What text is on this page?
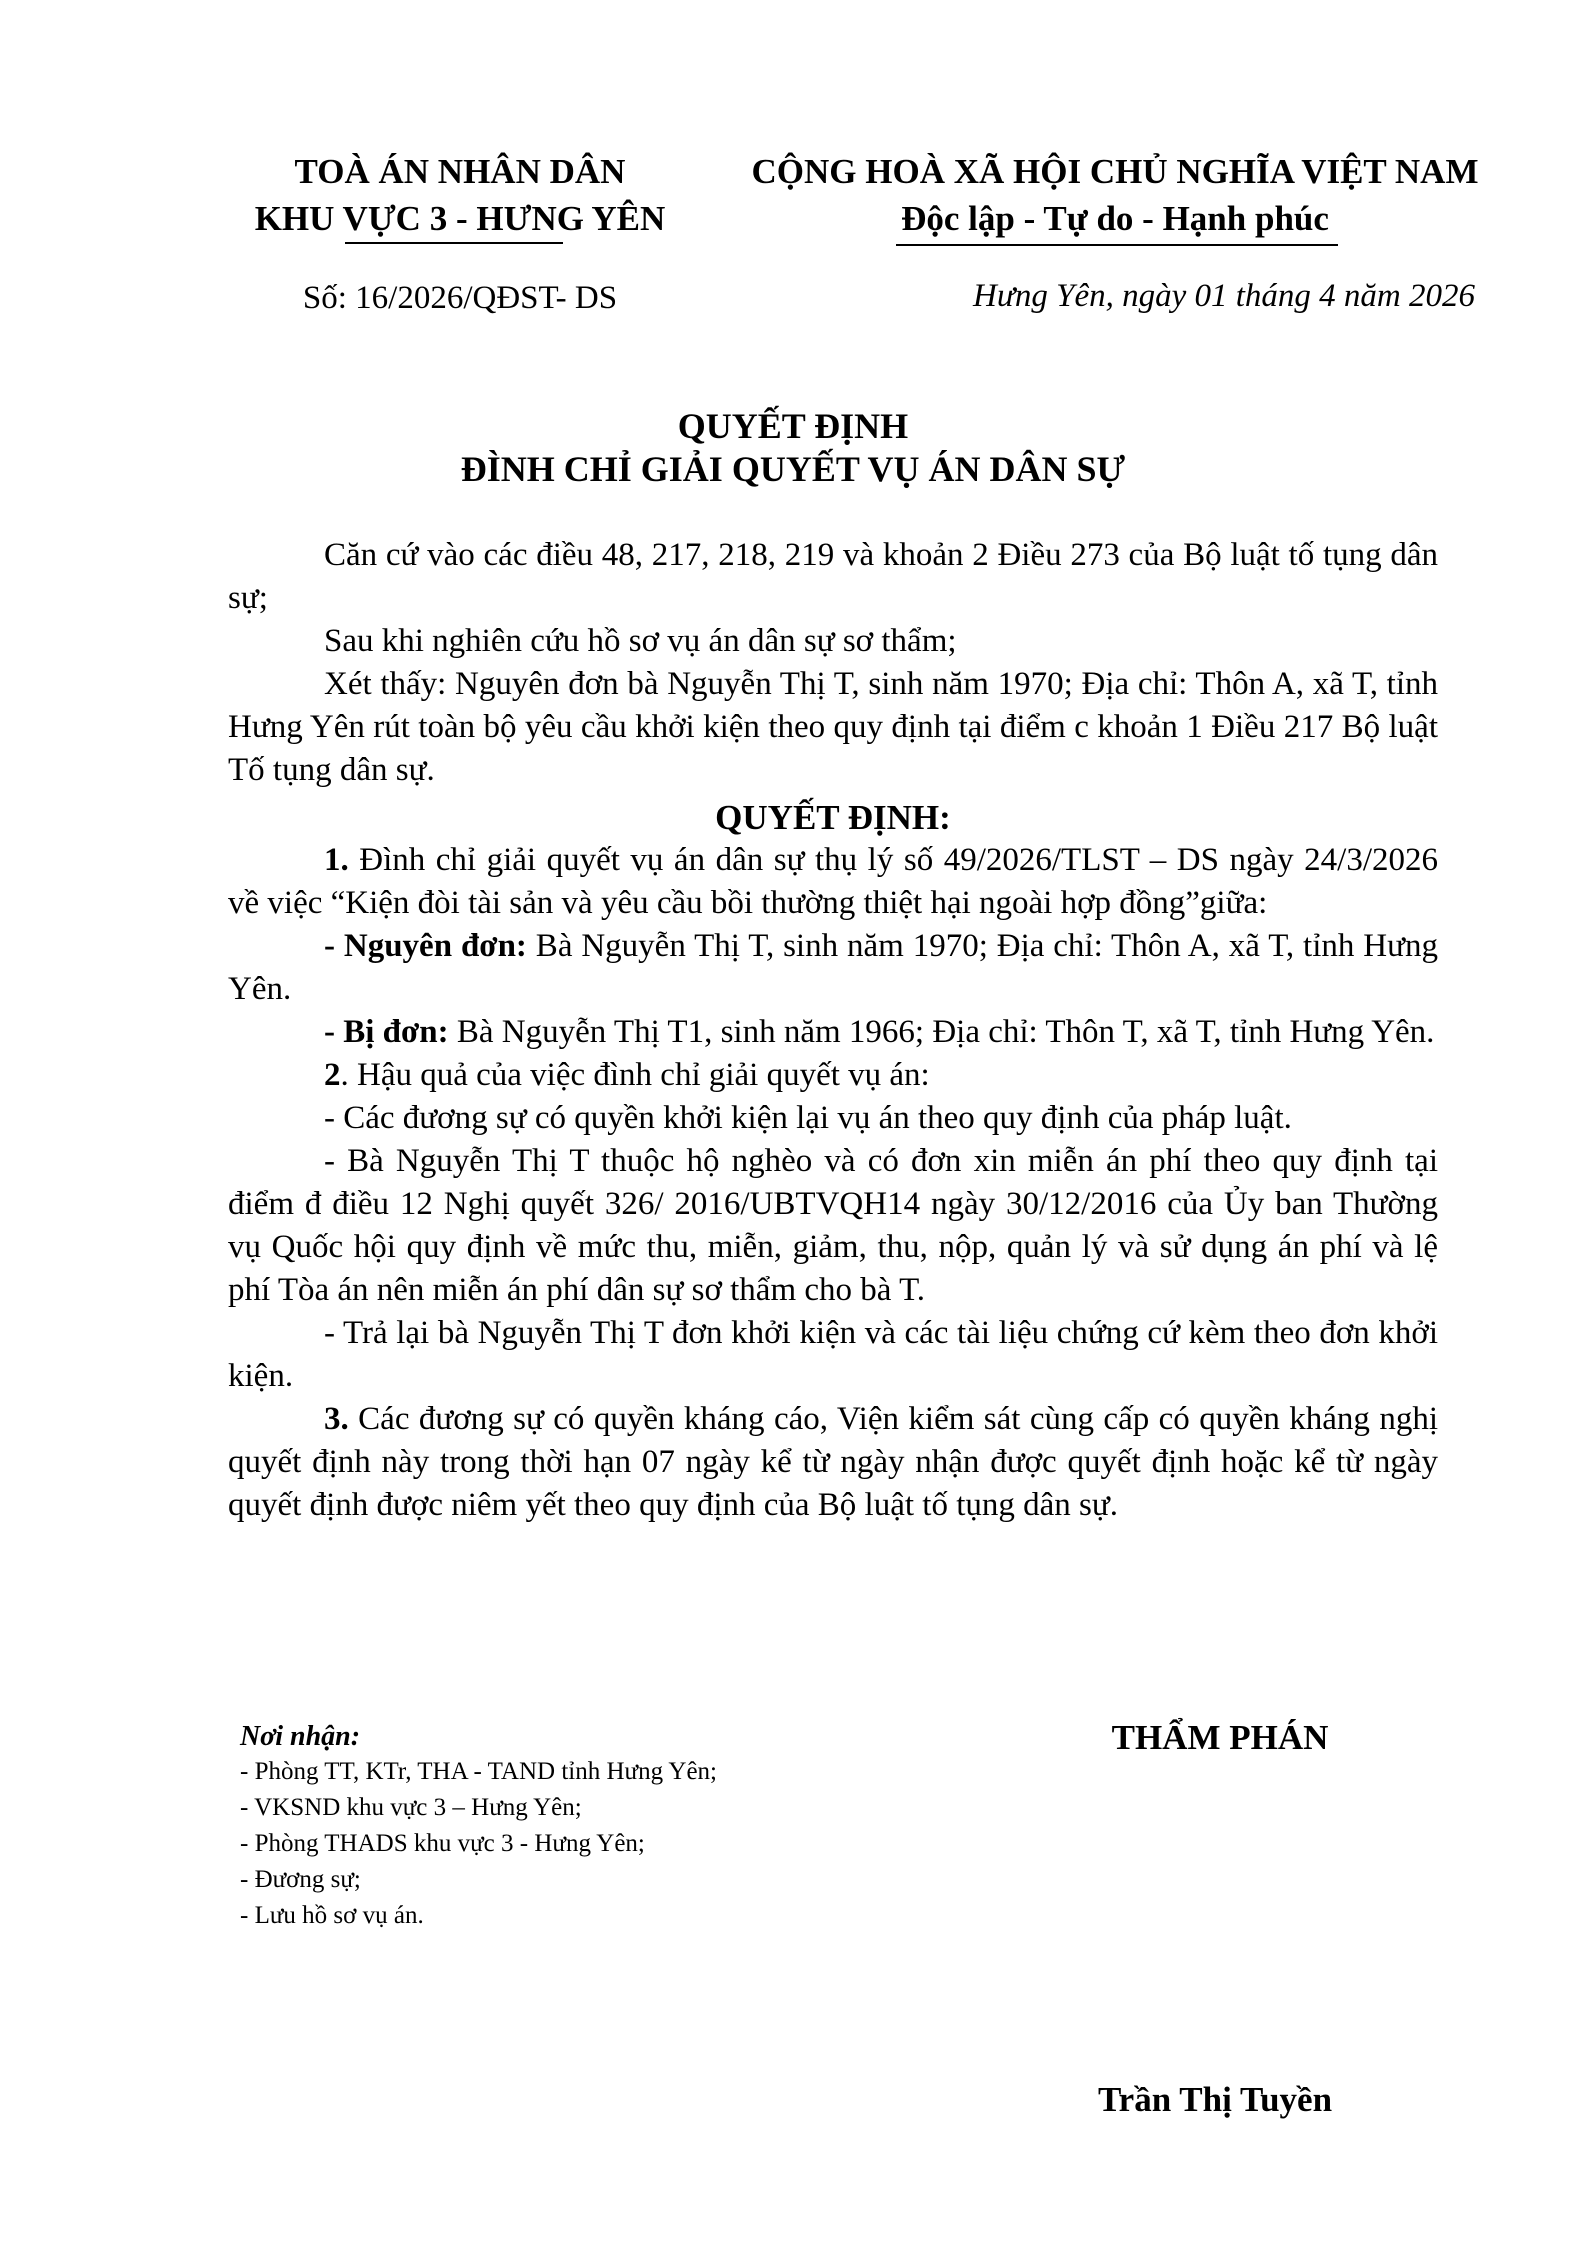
TOÀ ÁN NHÂN DÂN
KHU VỰC 3 - HƯNG YÊN
CỘNG HOÀ XÃ HỘI CHỦ NGHĨA VIỆT NAM
Độc lập - Tự do - Hạnh phúc
Số: 16/2026/QĐST- DS	Hưng Yên, ngày 01 tháng 4 năm 2026
QUYẾT ĐỊNH
ĐÌNH CHỈ GIẢI QUYẾT VỤ ÁN DÂN SỰ

Căn cứ vào các điều 48, 217, 218, 219 và khoản 2 Điều 273 của Bộ luật tố tụng dân sự;

Sau khi nghiên cứu hồ sơ vụ án dân sự sơ thẩm;

Xét thấy: Nguyên đơn bà Nguyễn Thị T, sinh năm 1970; Địa chỉ: Thôn A, xã T, tỉnh Hưng Yên rút toàn bộ yêu cầu khởi kiện theo quy định tại điểm c khoản 1 Điều 217 Bộ luật Tố tụng dân sự.

QUYẾT ĐỊNH:

1. Đình chỉ giải quyết vụ án dân sự thụ lý số 49/2026/TLST – DS ngày 24/3/2026 về việc “Kiện đòi tài sản và yêu cầu bồi thường thiệt hại ngoài hợp đồng”giữa:

- Nguyên đơn: Bà Nguyễn Thị T, sinh năm 1970; Địa chỉ: Thôn A, xã T, tỉnh Hưng Yên.

- Bị đơn: Bà Nguyễn Thị T1, sinh năm 1966; Địa chỉ: Thôn T, xã T, tỉnh Hưng Yên.

2. Hậu quả của việc đình chỉ giải quyết vụ án:

- Các đương sự có quyền khởi kiện lại vụ án theo quy định của pháp luật.

- Bà Nguyễn Thị T thuộc hộ nghèo và có đơn xin miễn án phí theo quy định tại điểm đ điều 12 Nghị quyết 326/ 2016/UBTVQH14 ngày 30/12/2016 của Ủy ban Thường vụ Quốc hội quy định về mức thu, miễn, giảm, thu, nộp, quản lý và sử dụng án phí và lệ phí Tòa án nên miễn án phí dân sự sơ thẩm cho bà T.

- Trả lại bà Nguyễn Thị T đơn khởi kiện và các tài liệu chứng cứ kèm theo đơn khởi kiện.

3. Các đương sự có quyền kháng cáo, Viện kiểm sát cùng cấp có quyền kháng nghị quyết định này trong thời hạn 07 ngày kể từ ngày nhận được quyết định hoặc kể từ ngày quyết định được niêm yết theo quy định của Bộ luật tố tụng dân sự.

Nơi nhận:
- Phòng TT, KTr, THA - TAND tỉnh Hưng Yên;
- VKSND khu vực 3 – Hưng Yên;
- Phòng THADS khu vực 3 - Hưng Yên;
- Đương sự;
- Lưu hồ sơ vụ án.
THẨM PHÁN
Trần Thị Tuyền
